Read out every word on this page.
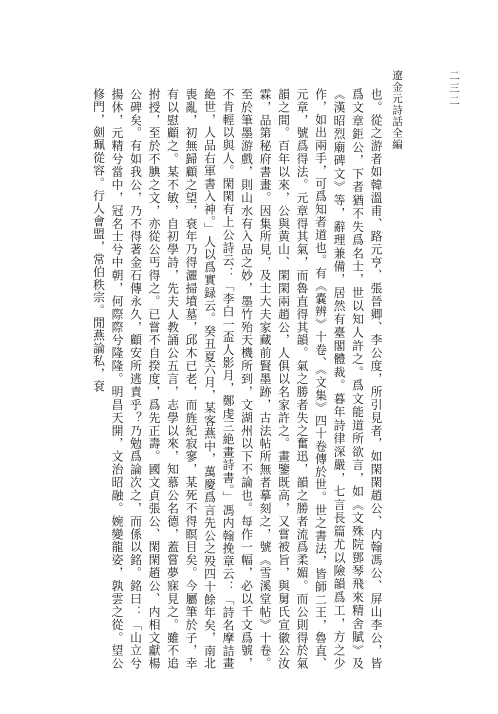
遼金元詩話全編	二三二

也。從之游者如韓溫甫、路元亨、張晉卿、李公度，所引見者，如閑閑趙公、内翰馮公、屏山李公，皆爲文章鉅公，下者猶不失爲名士，世以知人許之。爲文能道所欲言，如《文殊院鄧琴飛來精舍賦》及《漢昭烈廟碑文》等，辭理兼備，居然有臺閣體裁。暮年詩律深嚴，七言長篇尤以險韻爲工，方之少作，如出兩手，可爲知者道也。有《嚢辨》十卷、《文集》四十卷傳於世。世之書法，皆師二王，魯直、元章，號爲得法。元章得其氣，而魯直得其韻。氣之勝者失之奮迅，韻之勝者流爲柔媚。而公則得於氣韻之間。百年以來，公與黄山、閑閑兩趙公，人俱以名家許之。畫鑒既高，又嘗被旨，與舅氏宣徽公汝霖，品第秘府書畫。因集所見，及士大夫家藏前賢墨跡，古法帖所無者摹刻之，號《雪溪堂帖》十卷。至於筆墨游戲，則山水有入品之妙，墨竹殆天機所到，文湖州以下不論也。每作一幅，必以千文爲號，不肯輕以與人。閑閑有上公詩云：「李白一盃人影月，鄭虔三絶畫詩書。」馮内翰挽章云：「詩名摩詰畫絶世，人品右軍書入神。」人以爲實録云。癸丑夏六月，某客燕中，萬慶爲言先公之殁四十餘年矣，南北喪亂，初無歸顧之望，衰年乃得灑掃墳墓，邱木已老，而旌紀寂寥，某死不得瞑目矣。今屬筆於子，幸有以慰顧之。某不敏，自初學詩，先夫人教誦公五言，志學以來，知慕公名德，蓋嘗夢寐見之。雖不追拊授，至於不腆之文，亦從公丐得之。已嘗不自揆度，爲先正壽。國文貞張公、閑閑趙公、内相文獻楊公碑矣。有如我公，乃不得著金石傳永久，顧安所逃責乎？乃勉爲論次之，而係以銘。銘曰：「山立兮揚休，元精兮當中，冠名士兮中朝，何際際兮隆隆。明昌天開，文治昭融。婉變龍姿，孰雲之從。望公修門，劍珮從容。行人會盟，常伯秩宗。閒燕論私，袞
